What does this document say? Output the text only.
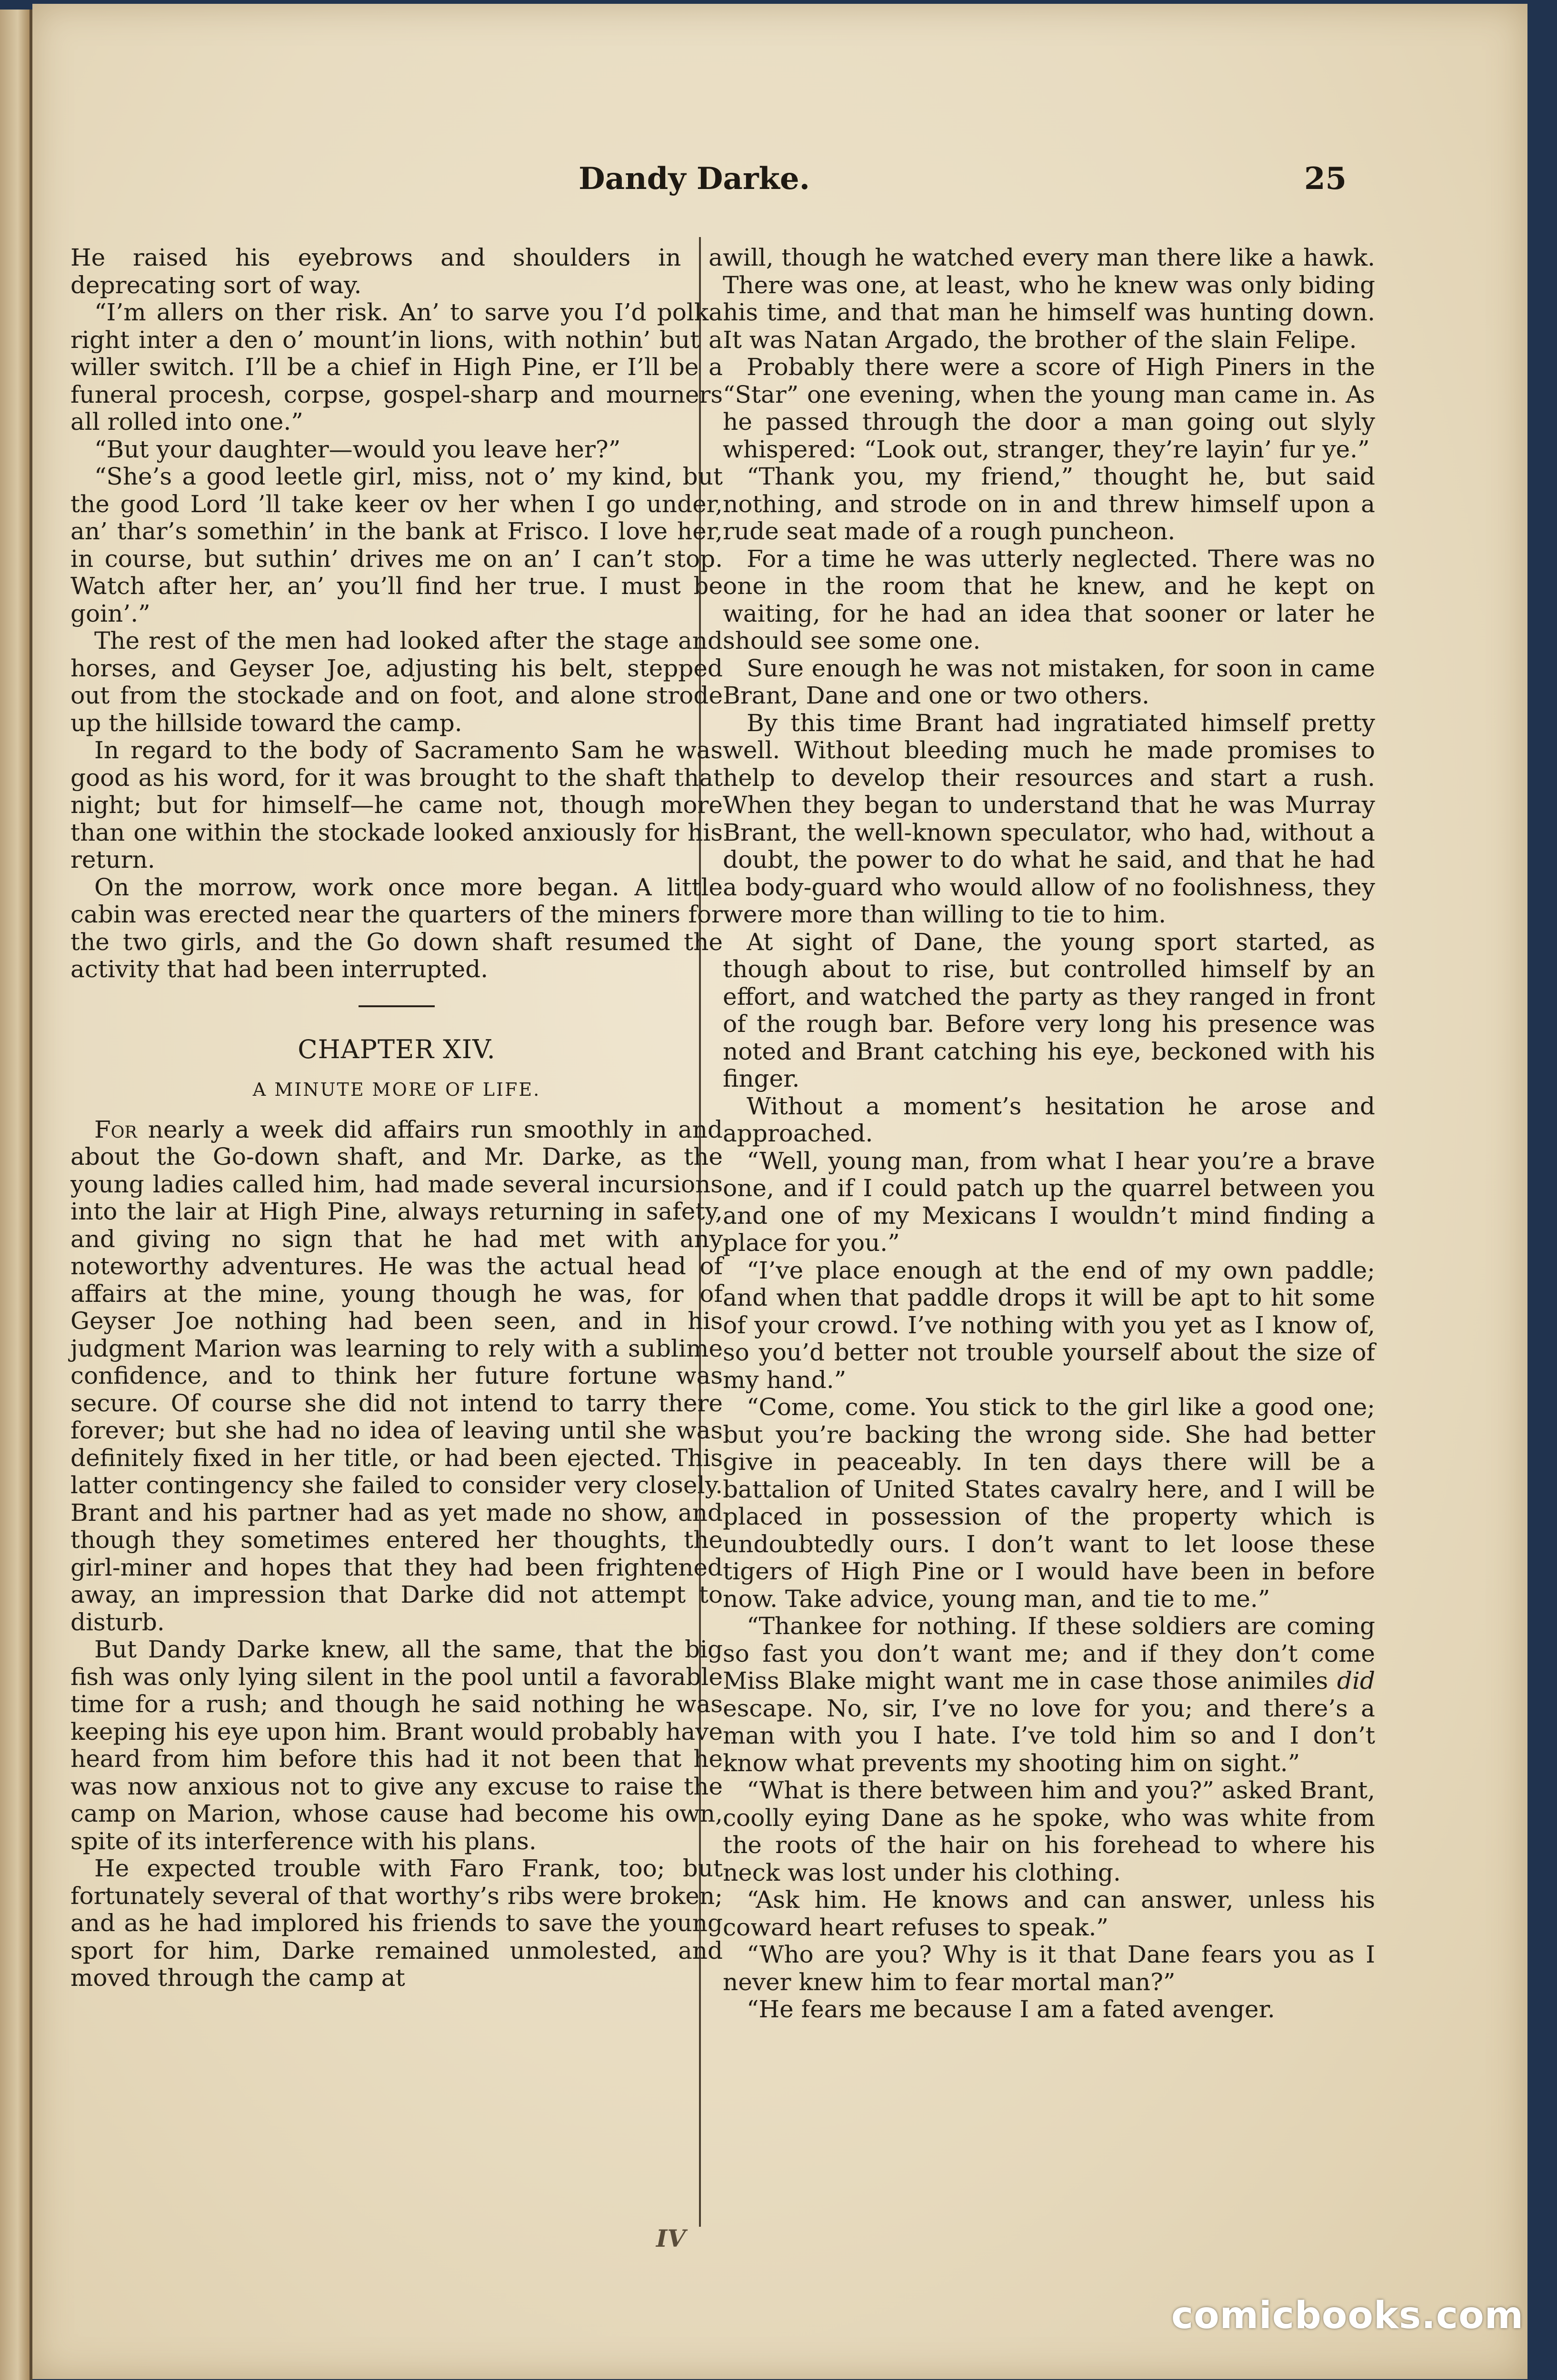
Dandy Darke.	25

He raised his eyebrows and shoulders in a deprecating sort of way.

“I’m allers on ther risk. An’ to sarve you I’d polka right inter a den o’ mount’in lions, with nothin’ but a willer switch. I’ll be a chief in High Pine, er I’ll be a funeral procesh, corpse, gospel-sharp and mourners all rolled into one.”

“But your daughter—would you leave her?”

“She’s a good leetle girl, miss, not o’ my kind, but the good Lord ’ll take keer ov her when I go under, an’ thar’s somethin’ in the bank at Frisco. I love her, in course, but suthin’ drives me on an’ I can’t stop. Watch after her, an’ you’ll find her true. I must be goin’.”

The rest of the men had looked after the stage and horses, and Geyser Joe, adjusting his belt, stepped out from the stockade and on foot, and alone strode up the hillside toward the camp.

In regard to the body of Sacramento Sam he was good as his word, for it was brought to the shaft that night; but for himself—he came not, though more than one within the stockade looked anxiously for his return.

On the morrow, work once more began. A little cabin was erected near the quarters of the miners for the two girls, and the Go down shaft resumed the activity that had been interrupted.

CHAPTER XIV.
A MINUTE MORE OF LIFE.

For nearly a week did affairs run smoothly in and about the Go-down shaft, and Mr. Darke, as the young ladies called him, had made several incursions into the lair at High Pine, always returning in safety, and giving no sign that he had met with any noteworthy adventures. He was the actual head of affairs at the mine, young though he was, for of Geyser Joe nothing had been seen, and in his judgment Marion was learning to rely with a sublime confidence, and to think her future fortune was secure. Of course she did not intend to tarry there forever; but she had no idea of leaving until she was definitely fixed in her title, or had been ejected. This latter contingency she failed to consider very closely. Brant and his partner had as yet made no show, and though they sometimes entered her thoughts, the girl-miner and hopes that they had been frightened away, an impression that Darke did not attempt to disturb.

But Dandy Darke knew, all the same, that the big fish was only lying silent in the pool until a favorable time for a rush; and though he said nothing he was keeping his eye upon him. Brant would probably have heard from him before this had it not been that he was now anxious not to give any excuse to raise the camp on Marion, whose cause had become his own, spite of its interference with his plans.

He expected trouble with Faro Frank, too; but fortunately several of that worthy’s ribs were broken; and as he had implored his friends to save the young sport for him, Darke remained unmolested, and moved through the camp at

will, though he watched every man there like a hawk. There was one, at least, who he knew was only biding his time, and that man he himself was hunting down. It was Natan Argado, the brother of the slain Felipe.

Probably there were a score of High Piners in the “Star” one evening, when the young man came in. As he passed through the door a man going out slyly whispered: “Look out, stranger, they’re layin’ fur ye.”

“Thank you, my friend,” thought he, but said nothing, and strode on in and threw himself upon a rude seat made of a rough puncheon.

For a time he was utterly neglected. There was no one in the room that he knew, and he kept on waiting, for he had an idea that sooner or later he should see some one.

Sure enough he was not mistaken, for soon in came Brant, Dane and one or two others.

By this time Brant had ingratiated himself pretty well. Without bleeding much he made promises to help to develop their resources and start a rush. When they began to understand that he was Murray Brant, the well-known speculator, who had, without a doubt, the power to do what he said, and that he had a body-guard who would allow of no foolishness, they were more than willing to tie to him.

At sight of Dane, the young sport started, as though about to rise, but controlled himself by an effort, and watched the party as they ranged in front of the rough bar. Before very long his presence was noted and Brant catching his eye, beckoned with his finger.

Without a moment’s hesitation he arose and approached.

“Well, young man, from what I hear you’re a brave one, and if I could patch up the quarrel between you and one of my Mexicans I wouldn’t mind finding a place for you.”

“I’ve place enough at the end of my own paddle; and when that paddle drops it will be apt to hit some of your crowd. I’ve nothing with you yet as I know of, so you’d better not trouble yourself about the size of my hand.”

“Come, come. You stick to the girl like a good one; but you’re backing the wrong side. She had better give in peaceably. In ten days there will be a battalion of United States cavalry here, and I will be placed in possession of the property which is undoubtedly ours. I don’t want to let loose these tigers of High Pine or I would have been in before now. Take advice, young man, and tie to me.”

“Thankee for nothing. If these soldiers are coming so fast you don’t want me; and if they don’t come Miss Blake might want me in case those animiles did escape. No, sir, I’ve no love for you; and there’s a man with you I hate. I’ve told him so and I don’t know what prevents my shooting him on sight.”

“What is there between him and you?” asked Brant, coolly eying Dane as he spoke, who was white from the roots of the hair on his forehead to where his neck was lost under his clothing.

“Ask him. He knows and can answer, unless his coward heart refuses to speak.”

“Who are you? Why is it that Dane fears you as I never knew him to fear mortal man?”

“He fears me because I am a fated avenger.

IV
comicbooks.com
